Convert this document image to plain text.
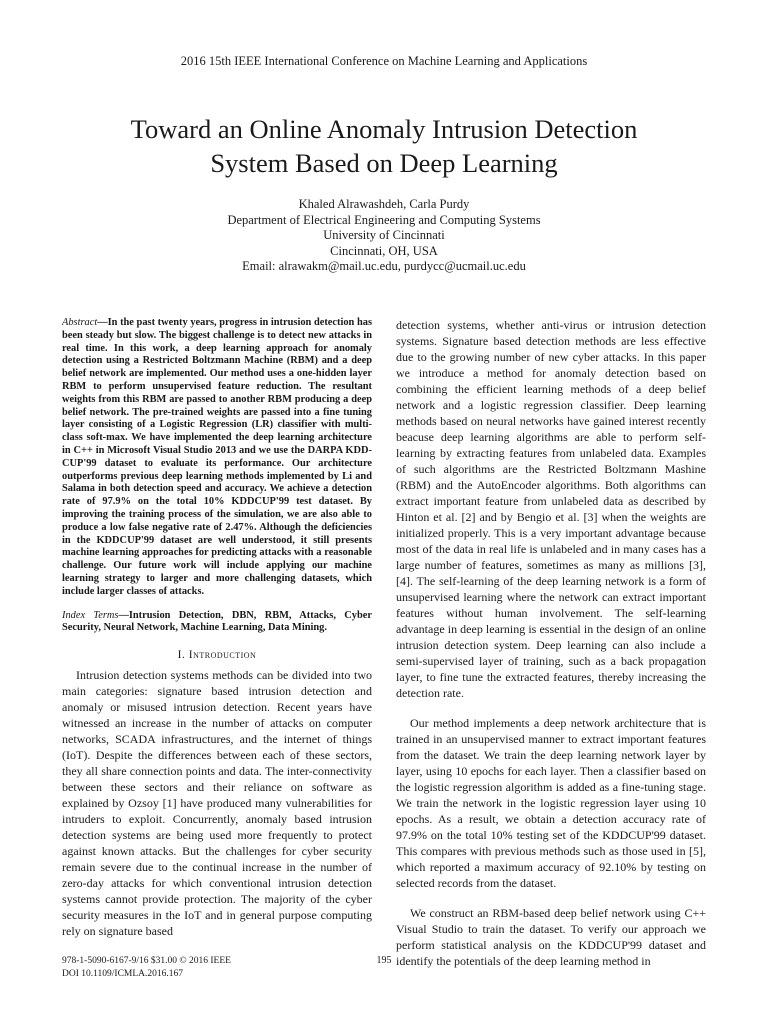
2016 15th IEEE International Conference on Machine Learning and Applications
Toward an Online Anomaly Intrusion Detection
System Based on Deep Learning
Khaled Alrawashdeh, Carla Purdy
Department of Electrical Engineering and Computing Systems
University of Cincinnati
Cincinnati, OH, USA
Email: alrawakm@mail.uc.edu, purdycc@ucmail.uc.edu

Abstract—In the past twenty years, progress in intrusion detection has been steady but slow. The biggest challenge is to detect new attacks in real time. In this work, a deep learning approach for anomaly detection using a Restricted Boltzmann Machine (RBM) and a deep belief network are implemented. Our method uses a one-hidden layer RBM to perform unsupervised feature reduction. The resultant weights from this RBM are passed to another RBM producing a deep belief network. The pre-trained weights are passed into a fine tuning layer consisting of a Logistic Regression (LR) classifier with multi-class soft-max. We have implemented the deep learning architecture in C++ in Microsoft Visual Studio 2013 and we use the DARPA KDD-CUP'99 dataset to evaluate its performance. Our architecture outperforms previous deep learning methods implemented by Li and Salama in both detection speed and accuracy. We achieve a detection rate of 97.9% on the total 10% KDDCUP'99 test dataset. By improving the training process of the simulation, we are also able to produce a low false negative rate of 2.47%. Although the deficiencies in the KDDCUP'99 dataset are well understood, it still presents machine learning approaches for predicting attacks with a reasonable challenge. Our future work will include applying our machine learning strategy to larger and more challenging datasets, which include larger classes of attacks.

Index Terms—Intrusion Detection, DBN, RBM, Attacks, Cyber Security, Neural Network, Machine Learning, Data Mining.

I. Introduction

Intrusion detection systems methods can be divided into two main categories: signature based intrusion detection and anomaly or misused intrusion detection. Recent years have witnessed an increase in the number of attacks on computer networks, SCADA infrastructures, and the internet of things (IoT). Despite the differences between each of these sectors, they all share connection points and data. The inter-connectivity between these sectors and their reliance on software as explained by Ozsoy [1] have produced many vulnerabilities for intruders to exploit. Concurrently, anomaly based intrusion detection systems are being used more frequently to protect against known attacks. But the challenges for cyber security remain severe due to the continual increase in the number of zero-day attacks for which conventional intrusion detection systems cannot provide protection. The majority of the cyber security measures in the IoT and in general purpose computing rely on signature based

detection systems, whether anti-virus or intrusion detection systems. Signature based detection methods are less effective due to the growing number of new cyber attacks. In this paper we introduce a method for anomaly detection based on combining the efficient learning methods of a deep belief network and a logistic regression classifier. Deep learning methods based on neural networks have gained interest recently beacuse deep learning algorithms are able to perform self-learning by extracting features from unlabeled data. Examples of such algorithms are the Restricted Boltzmann Mashine (RBM) and the AutoEncoder algorithms. Both algorithms can extract important feature from unlabeled data as described by Hinton et al. [2] and by Bengio et al. [3] when the weights are initialized properly. This is a very important advantage because most of the data in real life is unlabeled and in many cases has a large number of features, sometimes as many as millions [3], [4]. The self-learning of the deep learning network is a form of unsupervised learning where the network can extract important features without human involvement. The self-learning advantage in deep learning is essential in the design of an online intrusion detection system. Deep learning can also include a semi-supervised layer of training, such as a back propagation layer, to fine tune the extracted features, thereby increasing the detection rate.

Our method implements a deep network architecture that is trained in an unsupervised manner to extract important features from the dataset. We train the deep learning network layer by layer, using 10 epochs for each layer. Then a classifier based on the logistic regression algorithm is added as a fine-tuning stage. We train the network in the logistic regression layer using 10 epochs. As a result, we obtain a detection accuracy rate of 97.9% on the total 10% testing set of the KDDCUP'99 dataset. This compares with previous methods such as those used in [5], which reported a maximum accuracy of 92.10% by testing on selected records from the dataset.

We construct an RBM-based deep belief network using C++ Visual Studio to train the dataset. To verify our approach we perform statistical analysis on the KDDCUP'99 dataset and identify the potentials of the deep learning method in

978-1-5090-6167-9/16 $31.00 © 2016 IEEE
DOI 10.1109/ICMLA.2016.167
195
